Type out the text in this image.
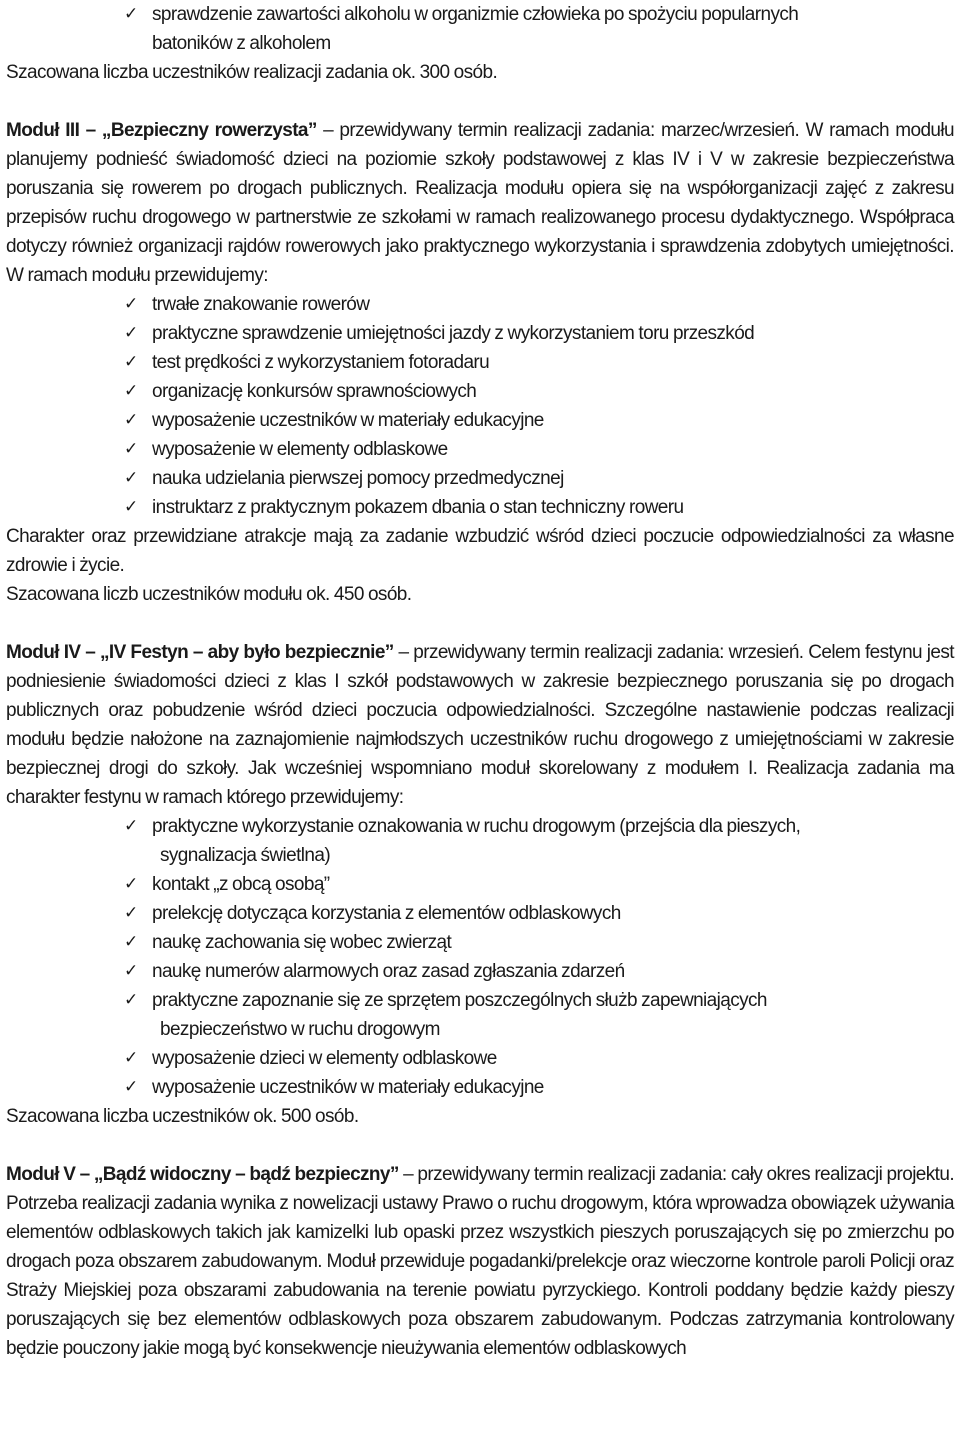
✓ sprawdzenie zawartości alkoholu w organizmie człowieka po spożyciu popularnych
batoników z alkoholem

Szacowana liczba uczestników realizacji zadania ok. 300 osób.

Moduł III – „Bezpieczny rowerzysta” – przewidywany termin realizacji zadania: marzec/wrzesień. W ramach modułu planujemy podnieść świadomość dzieci na poziomie szkoły podstawowej z klas IV i V w zakresie bezpieczeństwa poruszania się rowerem po drogach publicznych. Realizacja modułu opiera się na współorganizacji zajęć z zakresu przepisów ruchu drogowego w partnerstwie ze szkołami w ramach realizowanego procesu dydaktycznego. Współpraca dotyczy również organizacji rajdów rowerowych jako praktycznego wykorzystania i sprawdzenia zdobytych umiejętności. W ramach modułu przewidujemy:

✓ trwałe znakowanie rowerów
✓ praktyczne sprawdzenie umiejętności jazdy z wykorzystaniem toru przeszkód
✓ test prędkości z wykorzystaniem fotoradaru
✓ organizację konkursów sprawnościowych
✓ wyposażenie uczestników w materiały edukacyjne
✓ wyposażenie w elementy odblaskowe
✓ nauka udzielania pierwszej pomocy przedmedycznej
✓ instruktarz z praktycznym pokazem dbania o stan techniczny roweru

Charakter oraz przewidziane atrakcje mają za zadanie wzbudzić wśród dzieci poczucie odpowiedzialności za własne zdrowie i życie.

Szacowana liczb uczestników modułu ok. 450 osób.

Moduł IV – „IV Festyn – aby było bezpiecznie” – przewidywany termin realizacji zadania: wrzesień. Celem festynu jest podniesienie świadomości dzieci z klas I szkół podstawowych w zakresie bezpiecznego poruszania się po drogach publicznych oraz pobudzenie wśród dzieci poczucia odpowiedzialności. Szczególne nastawienie podczas realizacji modułu będzie nałożone na zaznajomienie najmłodszych uczestników ruchu drogowego z umiejętnościami w zakresie bezpiecznej drogi do szkoły. Jak wcześniej wspomniano moduł skorelowany z modułem I. Realizacja zadania ma charakter festynu w ramach którego przewidujemy:

✓ praktyczne wykorzystanie oznakowania w ruchu drogowym (przejścia dla pieszych,
sygnalizacja świetlna)
✓ kontakt „z obcą osobą”
✓ prelekcję dotycząca korzystania z elementów odblaskowych
✓ naukę zachowania się wobec zwierząt
✓ naukę numerów alarmowych oraz zasad zgłaszania zdarzeń
✓ praktyczne zapoznanie się ze sprzętem poszczególnych służb zapewniających
bezpieczeństwo w ruchu drogowym
✓ wyposażenie dzieci w elementy odblaskowe
✓ wyposażenie uczestników w materiały edukacyjne

Szacowana liczba uczestników ok. 500 osób.

Moduł V – „Bądź widoczny – bądź bezpieczny” – przewidywany termin realizacji zadania: cały okres realizacji projektu. Potrzeba realizacji zadania wynika z nowelizacji ustawy Prawo o ruchu drogowym, która wprowadza obowiązek używania elementów odblaskowych takich jak kamizelki lub opaski przez wszystkich pieszych poruszających się po zmierzchu po drogach poza obszarem zabudowanym. Moduł przewiduje pogadanki/prelekcje oraz wieczorne kontrole paroli Policji oraz Straży Miejskiej poza obszarami zabudowania na terenie powiatu pyrzyckiego. Kontroli poddany będzie każdy pieszy poruszających się bez elementów odblaskowych poza obszarem zabudowanym. Podczas zatrzymania kontrolowany będzie pouczony jakie mogą być konsekwencje nieużywania elementów odblaskowych
